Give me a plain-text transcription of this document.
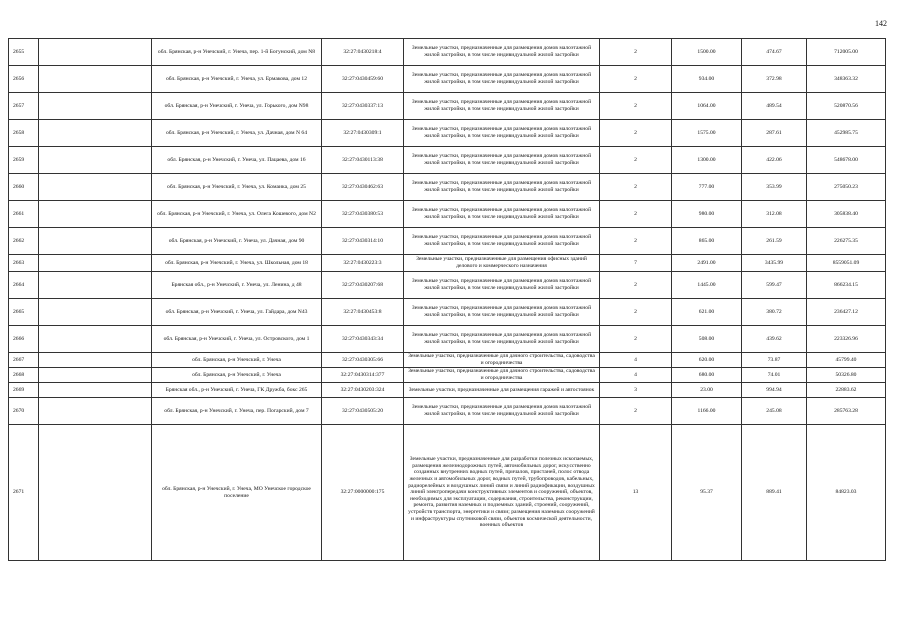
142
2655		обл. Брянская, р-н Унечский, г. Унеча, пер. 1-й Богунский, дом N8	32:27:0430218:4	Земельные участки, предназначенные для размещения домов малоэтажной жилой застройки, в том числе индивидуальной жилой застройки	2	1500.00	474.67	712005.00
2656		обл. Брянская, р-н Унечский, г. Унеча, ул. Ермакова, дом 12	32:27:0430459:60	Земельные участки, предназначенные для размещения домов малоэтажной жилой застройки, в том числе индивидуальной жилой застройки	2	934.00	372.98	348363.32
2657		обл. Брянская, р-н Унечский, г. Унеча, ул. Горького, дом N98	32:27:0430337:13	Земельные участки, предназначенные для размещения домов малоэтажной жилой застройки, в том числе индивидуальной жилой застройки	2	1064.00	489.54	520870.56
2658		обл. Брянская, р-н Унечский, г. Унеча, ул. Дачная, дом N 64	32:27:0430309:1	Земельные участки, предназначенные для размещения домов малоэтажной жилой застройки, в том числе индивидуальной жилой застройки	2	1575.00	287.61	452985.75
2659		обл. Брянская, р-н Унечский, г. Унеча, ул. Пацаева, дом 16	32:27:0430113:38	Земельные участки, предназначенные для размещения домов малоэтажной жилой застройки, в том числе индивидуальной жилой застройки	2	1300.00	422.06	548678.00
2660		обл. Брянская, р-н Унечский, г. Унеча, ул. Комаика, дом 25	32:27:0430462:63	Земельные участки, предназначенные для размещения домов малоэтажной жилой застройки, в том числе индивидуальной жилой застройки	2	777.00	353.99	275050.23
2661		обл. Брянская, р-н Унечский, г. Унеча, ул. Олега Кошевого, дом N2	32:27:0430380:53	Земельные участки, предназначенные для размещения домов малоэтажной жилой застройки, в том числе индивидуальной жилой застройки	2	980.00	312.08	305838.40
2662		обл. Брянская, р-н Унечский, г. Унеча, ул. Дачная, дом 90	32:27:0430314:10	Земельные участки, предназначенные для размещения домов малоэтажной жилой застройки, в том числе индивидуальной жилой застройки	2	865.00	261.59	226275.35
2663		обл. Брянская, р-н Унечский, г. Унеча, ул. Школьная, дом 18	32:27:0430223:3	Земельные участки, предназначенные для размещения офисных зданий делового и коммерческого назначения	7	2491.00	3435.99	8559051.09
2664		Брянская обл., р-н Унечский, г. Унеча, ул. Ленина, д 48	32:27:0430207:68	Земельные участки, предназначенные для размещения домов малоэтажной жилой застройки, в том числе индивидуальной жилой застройки	2	1445.00	599.47	866234.15
2665		обл. Брянская, р-н Унечский, г. Унеча, ул. Гайдара, дом N43	32:27:0430453:8	Земельные участки, предназначенные для размещения домов малоэтажной жилой застройки, в том числе индивидуальной жилой застройки	2	621.00	380.72	236427.12
2666		обл. Брянская, р-н Унечский, г. Унеча, ул. Островского, дом 1	32:27:0430343:34	Земельные участки, предназначенные для размещения домов малоэтажной жилой застройки, в том числе индивидуальной жилой застройки	2	508.00	439.62	223326.96
2667		обл. Брянская, р-н Унечский, г. Унеча	32:27:0430305:66	Земельные участки, предназначенные для дачного строительства, садоводства и огородничества	4	620.00	73.87	45799.40
2668		обл. Брянская, р-н Унечский, г. Унеча	32:27:0430314:377	Земельные участки, предназначенные для дачного строительства, садоводства и огородничества	4	680.00	74.01	50326.80
2669		Брянская обл., р-н Унечский, г. Унеча, ГК Дружба, бокс 265	32:27:0430203:324	Земельные участки, предназначенные для размещения гаражей и автостоянок	3	23.00	994.94	22883.62
2670		обл. Брянская, р-н Унечский, г. Унеча, пер. Погарский, дом 7	32:27:0430505:20	Земельные участки, предназначенные для размещения домов малоэтажной жилой застройки, в том числе индивидуальной жилой застройки	2	1166.00	245.08	285763.28
2671		обл. Брянская, р-н Унечский, г. Унеча, МО Унечское городское поселение	32:27:0000000:175	Земельные участки, предназначенные для разработки полезных ископаемых, размещения железнодорожных путей, автомобильных дорог, искусственно созданных внутренних водных путей, причалов, пристаней, полос отвода железных и автомобильных дорог, водных путей, трубопроводов, кабельных, радиорелейных и воздушных линий связи и линий радиофикации, воздушных линий электропередачи конструктивных элементов и сооружений, объектов, необходимых для эксплуатации, содержания, строительства, реконструкции, ремонта, развития наземных и подземных зданий, строений, сооружений, устройств транспорта, энергетики и связи; размещения наземных сооружений и инфраструктуры спутниковой связи, объектов космической деятельности, военных объектов	13	95.37	889.41	84823.03
